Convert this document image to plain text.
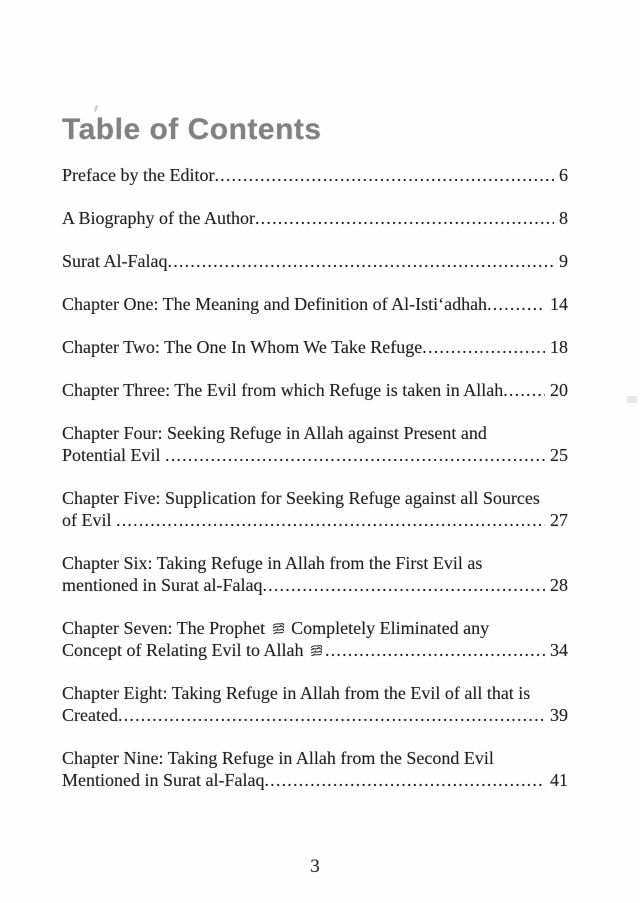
Table of Contents
Preface by the Editor .....	6
A Biography of the Author .....	8
Surat Al-Falaq .....	9
Chapter One: The Meaning and Definition of Al-Isti‘adhah .....	14
Chapter Two: The One In Whom We Take Refuge .....	18
Chapter Three: The Evil from which Refuge is taken in Allah .....	20
Chapter Four: Seeking Refuge in Allah against Present and
Potential Evil .....	25
Chapter Five: Supplication for Seeking Refuge against all Sources
of Evil .....	27
Chapter Six: Taking Refuge in Allah from the First Evil as
mentioned in Surat al-Falaq .....	28
Chapter Seven: The Prophet  Completely Eliminated any
Concept of Relating Evil to Allah .....	34
Chapter Eight: Taking Refuge in Allah from the Evil of all that is
Created .....	39
Chapter Nine: Taking Refuge in Allah from the Second Evil
Mentioned in Surat al-Falaq .....	41
3
